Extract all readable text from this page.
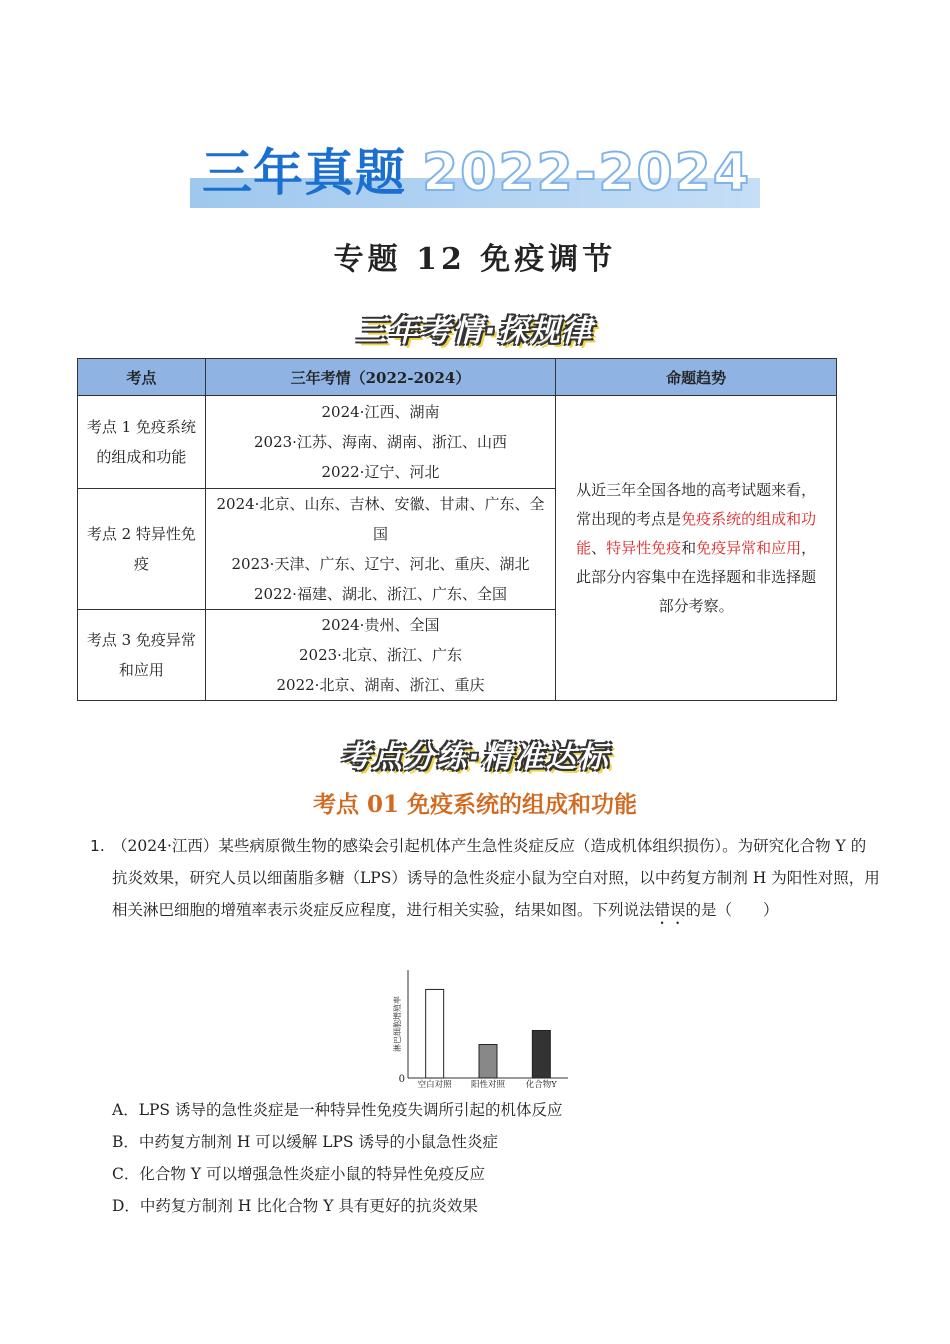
三年真题 2022-2024
专题 12 免疫调节
三年考情·探规律
考点	三年考情（2022-2024）	命题趋势
考点 1 免疫系统的组成和功能	2024·江西、湖南
2023·江苏、海南、湖南、浙江、山西
2022·辽宁、河北	从近三年全国各地的高考试题来看，常出现的考点是免疫系统的组成和功能、特异性免疫和免疫异常和应用，此部分内容集中在选择题和非选择题部分考察。
考点 2 特异性免疫	2024·北京、山东、吉林、安徽、甘肃、广东、全国
2023·天津、广东、辽宁、河北、重庆、湖北
2022·福建、湖北、浙江、广东、全国	

考点 3 免疫异常和应用	2024·贵州、全国
2023·北京、浙江、广东
2022·北京、湖南、浙江、重庆	
考点分练·精准达标
考点 01 免疫系统的组成和功能
1. （2024·江西）某些病原微生物的感染会引起机体产生急性炎症反应（造成机体组织损伤）。为研究化合物 Y 的抗炎效果，研究人员以细菌脂多糖（LPS）诱导的急性炎症小鼠为空白对照，以中药复方制剂 H 为阳性对照，用相关淋巴细胞的增殖率表示炎症反应程度，进行相关实验，结果如图。下列说法错误的是（　　）
淋巴细胞增殖率
0 空白对照 阳性对照 化合物Y
A．LPS 诱导的急性炎症是一种特异性免疫失调所引起的机体反应
B．中药复方制剂 H 可以缓解 LPS 诱导的小鼠急性炎症
C．化合物 Y 可以增强急性炎症小鼠的特异性免疫反应
D．中药复方制剂 H 比化合物 Y 具有更好的抗炎效果
